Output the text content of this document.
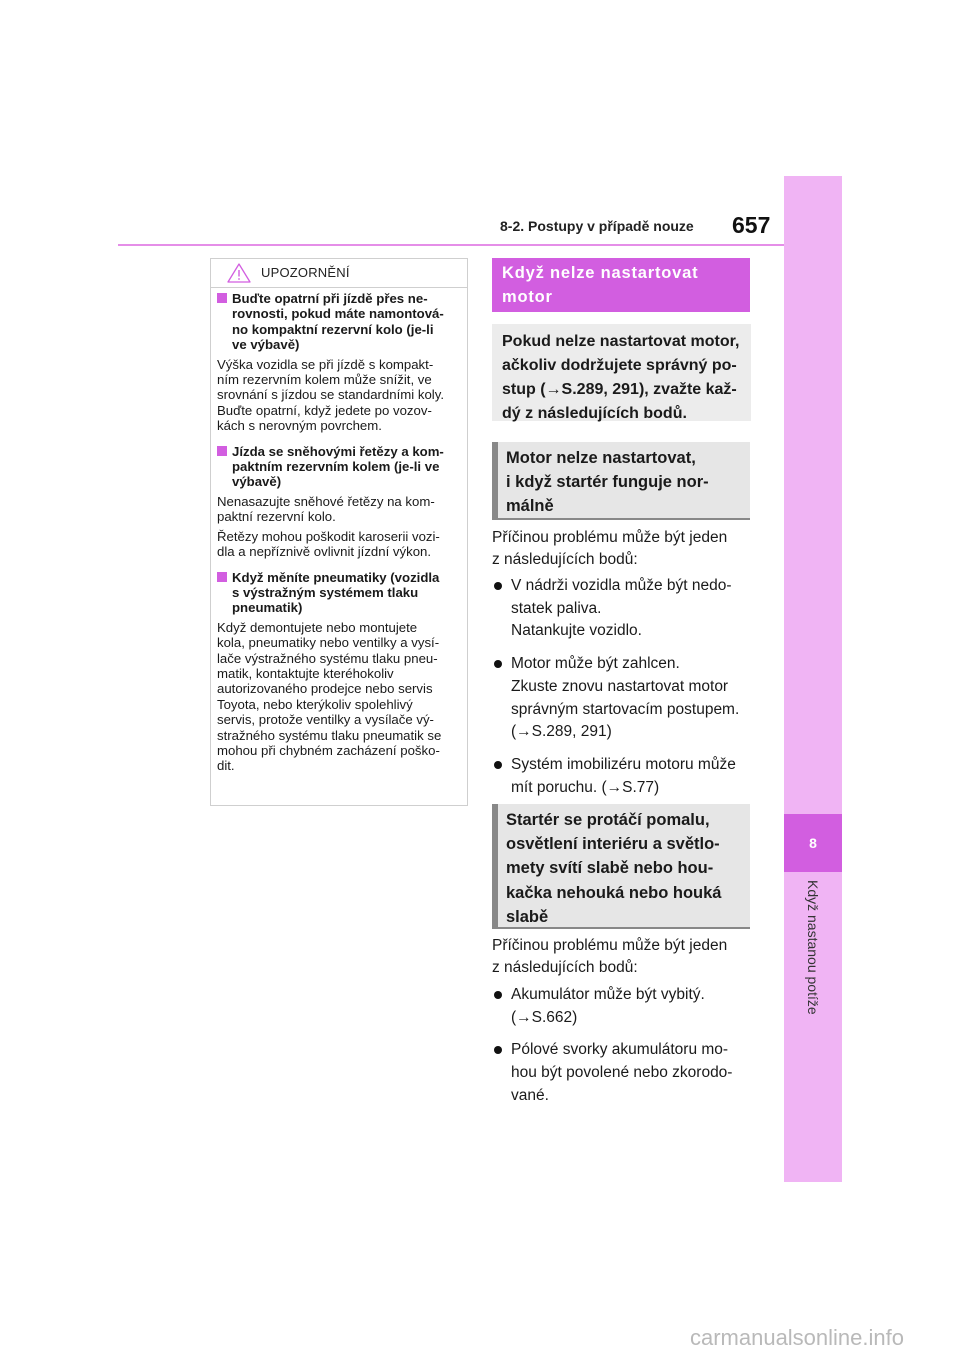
8-2. Postupy v případě nouze 657
8
Když nastanou potíže
UPOZORNĚNÍ
Buďte opatrní při jízdě přes ne-
rovnosti, pokud máte namontová-
no kompaktní rezervní kolo (je-li
ve výbavě)
Výška vozidla se při jízdě s kompakt-
ním rezervním kolem může snížit, ve
srovnání s jízdou se standardními koly.
Buďte opatrní, když jedete po vozov-
kách s nerovným povrchem.
Jízda se sněhovými řetězy a kom-
paktním rezervním kolem (je-li ve
výbavě)
Nenasazujte sněhové řetězy na kom-
paktní rezervní kolo.
Řetězy mohou poškodit karoserii vozi-
dla a nepříznivě ovlivnit jízdní výkon.
Když měníte pneumatiky (vozidla
s výstražným systémem tlaku
pneumatik)
Když demontujete nebo montujete
kola, pneumatiky nebo ventilky a vysí-
lače výstražného systému tlaku pneu-
matik, kontaktujte kteréhokoliv
autorizovaného prodejce nebo servis
Toyota, nebo kterýkoliv spolehlivý
servis, protože ventilky a vysílače vý-
stražného systému tlaku pneumatik se
mohou při chybném zacházení poško-
dit.
Když nelze nastartovat
motor
Pokud nelze nastartovat motor,
ačkoliv dodržujete správný po-
stup (→S.289, 291), zvažte kaž-
dý z následujících bodů.
Motor nelze nastartovat,
i když startér funguje nor-
málně
Příčinou problému může být jeden
z následujících bodů:
V nádrži vozidla může být nedo-
statek paliva.
Natankujte vozidlo.
Motor může být zahlcen.
Zkuste znovu nastartovat motor
správným startovacím postupem.
(→S.289, 291)
Systém imobilizéru motoru může
mít poruchu. (→S.77)
Startér se protáčí pomalu,
osvětlení interiéru a světlo-
mety svítí slabě nebo hou-
kačka nehouká nebo houká
slabě
Příčinou problému může být jeden
z následujících bodů:
Akumulátor může být vybitý.
(→S.662)
Pólové svorky akumulátoru mo-
hou být povolené nebo zkorodo-
vané.
carmanualsonline.info
